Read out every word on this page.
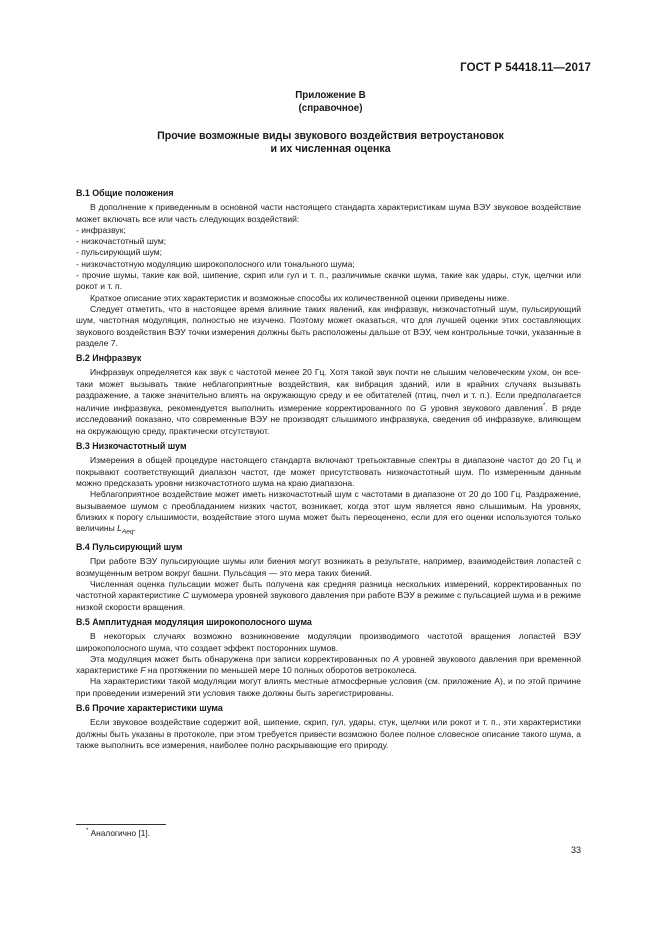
ГОСТ Р 54418.11—2017
Приложение В
(справочное)
Прочие возможные виды звукового воздействия ветроустановок
и их численная оценка
В.1 Общие положения

В дополнение к приведенным в основной части настоящего стандарта характеристикам шума ВЭУ звуковое воздействие может включать все или часть следующих воздействий:

- инфразвук;
- низкочастотный шум;
- пульсирующий шум;
- низкочастотную модуляцию широкополосного или тонального шума;
- прочие шумы, такие как вой, шипение, скрип или гул и т. п., различимые скачки шума, такие как удары, стук, щелчки или рокот и т. п.

Краткое описание этих характеристик и возможные способы их количественной оценки приведены ниже.

Следует отметить, что в настоящее время влияние таких явлений, как инфразвук, низкочастотный шум, пульсирующий шум, частотная модуляция, полностью не изучено. Поэтому может оказаться, что для лучшей оценки этих составляющих звукового воздействия ВЭУ точки измерения должны быть расположены дальше от ВЭУ, чем контрольные точки, указанные в разделе 7.

В.2 Инфразвук

Инфразвук определяется как звук с частотой менее 20 Гц. Хотя такой звук почти не слышим человеческим ухом, он все-таки может вызывать такие неблагоприятные воздействия, как вибрация зданий, или в крайних случаях вызывать раздражение, а также значительно влиять на окружающую среду и ее обитателей (птиц, пчел и т. п.). Если предполагается наличие инфразвука, рекомендуется выполнить измерение корректированного по G уровня звукового давления*. В ряде исследований показано, что современные ВЭУ не производят слышимого инфразвука, сведения об инфразвуке, влияющем на окружающую среду, практически отсутствуют.

В.3 Низкочастотный шум

Измерения в общей процедуре настоящего стандарта включают третьоктавные спектры в диапазоне частот до 20 Гц и покрывают соответствующий диапазон частот, где может присутствовать низкочастотный шум. По измеренным данным можно предсказать уровни низкочастотного шума на краю диапазона.

Неблагоприятное воздействие может иметь низкочастотный шум с частотами в диапазоне от 20 до 100 Гц. Раздражение, вызываемое шумом с преобладанием низких частот, возникает, когда этот шум является явно слышимым. На уровнях, близких к порогу слышимости, воздействие этого шума может быть переоценено, если для его оценки используются только величины $L_{Aeq}$.

В.4 Пульсирующий шум

При работе ВЭУ пульсирующие шумы или биения могут возникать в результате, например, взаимодействия лопастей с возмущенным ветром вокруг башни. Пульсация — это мера таких биений.

Численная оценка пульсации может быть получена как средняя разница нескольких измерений, корректированных по частотной характеристике С шумомера уровней звукового давления при работе ВЭУ в режиме с пульсацией шума и в режиме низкой скорости вращения.

В.5 Амплитудная модуляция широкополосного шума

В некоторых случаях возможно возникновение модуляции производимого частотой вращения лопастей ВЭУ широкополосного шума, что создает эффект посторонних шумов.

Эта модуляция может быть обнаружена при записи корректированных по А уровней звукового давления при временной характеристике F на протяжении по меньшей мере 10 полных оборотов ветроколеса.

На характеристики такой модуляции могут влиять местные атмосферные условия (см. приложение А), и по этой причине при проведении измерений эти условия также должны быть зарегистрированы.

В.6 Прочие характеристики шума

Если звуковое воздействие содержит вой, шипение, скрип, гул, удары, стук, щелчки или рокот и т. п., эти характеристики должны быть указаны в протоколе, при этом требуется привести возможно более полное словесное описание такого шума, а также выполнить все измерения, наиболее полно раскрывающие его природу.

* Аналогично [1].
33
